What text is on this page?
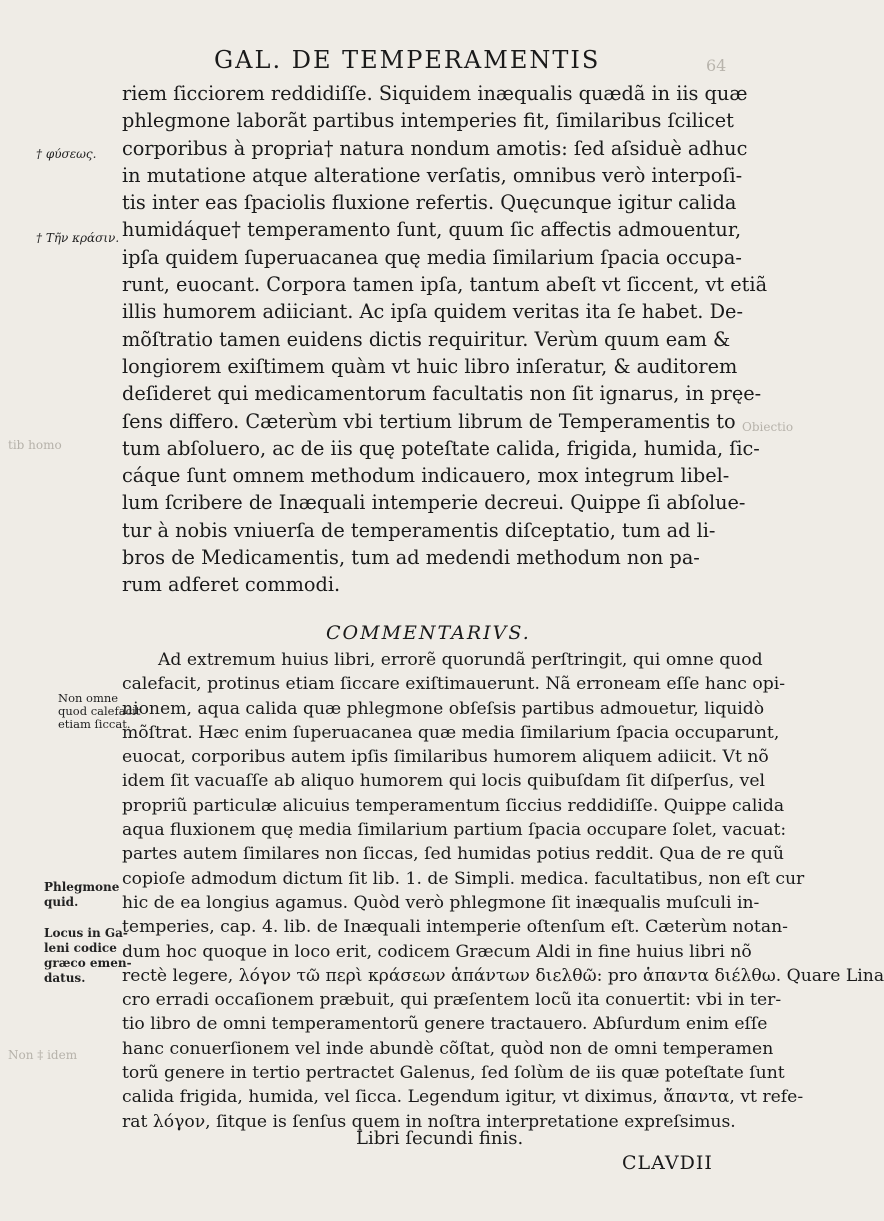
GAL. DE TEMPERAMENTIS	64
Obiectio
tib homo
Non ‡ idem
† φύσεως.
† Τῆν κράσιν.
Non omne
quod calefacit
etiam ſiccat.
Phlegmone
quid.
Locus in Ga-
leni codice
græco emen-
datus.
riem ſicciorem reddidiſſe. Siquidem inæqualis quædã in iis quæ
phlegmone laborãt partibus intemperies fit, ſimilaribus ſcilicet
corporibus à propria† natura nondum amotis: ſed aſsiduè adhuc
in mutatione atque alteratione verſatis, omnibus verò interpoſi-
tis inter eas ſpaciolis fluxione refertis. Quęcunque igitur calida
humidáque† temperamento ſunt, quum ſic affectis admouentur,
ipſa quidem ſuperuacanea quę media ſimilarium ſpacia occupa-
runt, euocant. Corpora tamen ipſa, tantum abeſt vt ſiccent, vt etiã
illis humorem adiiciant. Ac ipſa quidem veritas ita ſe habet. De-
mõſtratio tamen euidens dictis requiritur. Verùm quum eam &
longiorem exiſtimem quàm vt huic libro inſeratur, & auditorem
deſideret qui medicamentorum facultatis non ſit ignarus, in pręe-
ſens differo. Cæterùm vbi tertium librum de Temperamentis to
tum abſoluero, ac de iis quę poteſtate calida, frigida, humida, ſic-
cáque ſunt omnem methodum indicauero, mox integrum libel-
lum ſcribere de Inæquali intemperie decreui. Quippe ſi abſolue-
tur à nobis vniuerſa de temperamentis diſceptatio, tum ad li-
bros de Medicamentis, tum ad medendi methodum non pa-
rum adferet commodi.
COMMENTARIVS.
Ad extremum huius libri, errorẽ quorundã perſtringit, qui omne quod
calefacit, protinus etiam ſiccare exiſtimauerunt. Nã erroneam eſſe hanc opi-
nionem, aqua calida quæ phlegmone obſeſsis partibus admouetur, liquidò
mõſtrat. Hæc enim ſuperuacanea quæ media ſimilarium ſpacia occuparunt,
euocat, corporibus autem ipſis ſimilaribus humorem aliquem adiicit. Vt nõ
idem ſit vacuaſſe ab aliquo humorem qui locis quibuſdam ſit diſperſus, vel
propriũ particulæ alicuius temperamentum ſiccius reddidiſſe. Quippe calida
aqua fluxionem quę media ſimilarium partium ſpacia occupare ſolet, vacuat:
partes autem ſimilares non ſiccas, ſed humidas potius reddit. Qua de re quũ
copioſe admodum dictum ſit lib. 1. de Simpli. medica. facultatibus, non eſt cur
hic de ea longius agamus. Quòd verò phlegmone ſit inæqualis muſculi in-
temperies, cap. 4. lib. de Inæquali intemperie oſtenſum eſt. Cæterùm notan-
dum hoc quoque in loco erit, codicem Græcum Aldi in fine huius libri nõ
rectè legere, λόγον τῶ περὶ κράσεων ἁπάντων διελθῶ: pro ἁπαντα διέλθω. Quare Lina
cro erradi occaſionem præbuit, qui præſentem locũ ita conuertit: vbi in ter-
tio libro de omni temperamentorũ genere tractauero. Abſurdum enim eſſe
hanc conuerſionem vel inde abundè cõſtat, quòd non de omni temperamen
torũ genere in tertio pertractet Galenus, ſed ſolùm de iis quæ poteſtate ſunt
calida frigida, humida, vel ſicca. Legendum igitur, vt diximus, ἄπαντα, vt refe-
rat λόγον, ſitque is ſenſus quem in noſtra interpretatione expreſsimus.
Libri ſecundi finis.
CLAVDII
